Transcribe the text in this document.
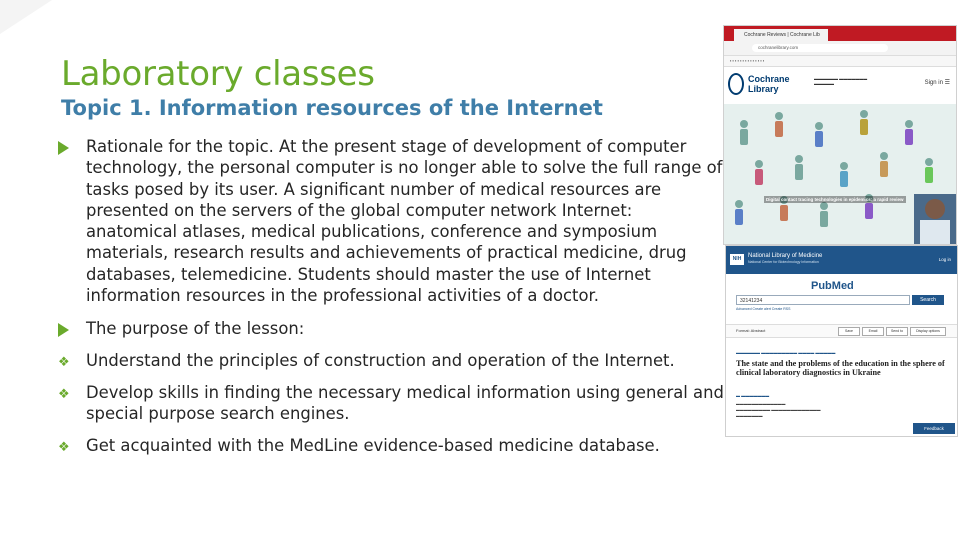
Laboratory classes
Topic 1. Information resources of the Internet
Rationale for the topic. At the present stage of development of computer technology, the personal computer is no longer able to solve the full range of tasks posed by its user. A significant number of medical resources are presented on the servers of the global computer network Internet: anatomical atlases, medical publications, conference and symposium materials, research results and achievements of practical medicine, drug databases, telemedicine. Students should master the use of Internet information resources in the professional activities of a doctor.
The purpose of the lesson:
❖ Understand the principles of construction and operation of the Internet.
❖ Develop skills in finding the necessary medical information using general and special purpose search engines.
❖ Get acquainted with the MedLine evidence-based medicine database.
Cochrane Reviews | Cochrane Lib
cochranelibrary.com
▪ ▪ ▪ ▪ ▪ ▪ ▪ ▪ ▪ ▪ ▪ ▪ ▪ ▪
Cochrane
Library
▬▬▬▬▬▬ ▬▬▬▬▬▬▬ ▬▬▬▬▬	Sign in ☰
Digital contact tracing technologies in epidemics: a rapid review
NIH	National Library of Medicine
National Center for Biotechnology Information	Log in
PubMed
32141234	Search
Advanced Create alert Create RSS
Format: Abstract	Save	Email	Send to	Display options
▬▬▬▬▬▬ ▬▬▬▬▬▬▬▬▬ ▬▬▬▬ ▬▬▬▬▬
The state and the problems of the education in the sphere of clinical laboratory diagnostics in Ukraine
▬ ▬▬▬▬▬▬▬
▬▬▬▬▬▬▬▬▬▬▬▬▬
▬▬▬▬▬▬▬▬▬ ▬▬▬▬▬▬▬▬▬▬▬▬▬
▬▬▬▬▬▬▬
Feedback
